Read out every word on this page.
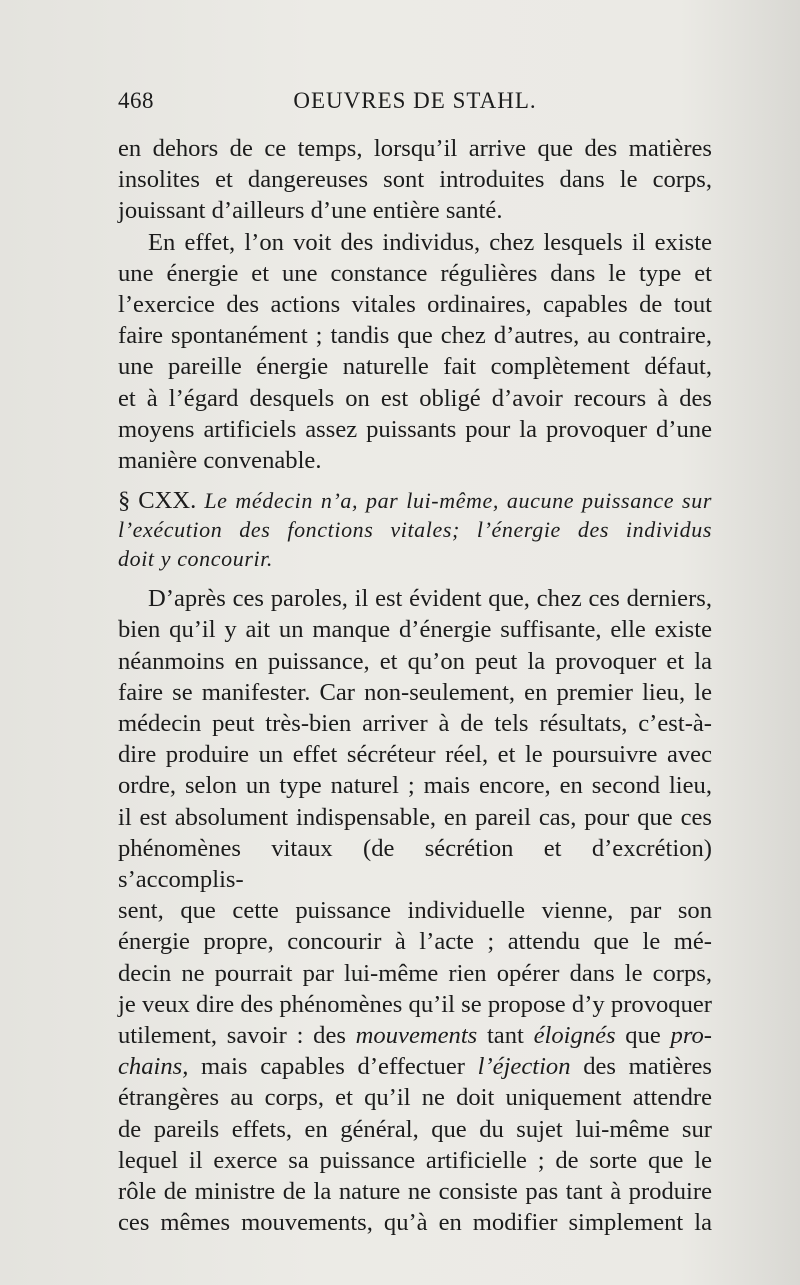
468	OEUVRES DE STAHL.

en dehors de ce temps, lorsqu’il arrive que des matières

insolites et dangereuses sont introduites dans le corps,

jouissant d’ailleurs d’une entière santé.

En effet, l’on voit des individus, chez lesquels il existe

une énergie et une constance régulières dans le type et

l’exercice des actions vitales ordinaires, capables de tout

faire spontanément ; tandis que chez d’autres, au contraire,

une pareille énergie naturelle fait complètement défaut,

et à l’égard desquels on est obligé d’avoir recours à des

moyens artificiels assez puissants pour la provoquer d’une

manière convenable.

§ CXX. Le médecin n’a, par lui-même, aucune puissance sur

l’exécution des fonctions vitales; l’énergie des individus

doit y concourir.

D’après ces paroles, il est évident que, chez ces derniers,

bien qu’il y ait un manque d’énergie suffisante, elle existe

néanmoins en puissance, et qu’on peut la provoquer et la

faire se manifester. Car non-seulement, en premier lieu, le

médecin peut très-bien arriver à de tels résultats, c’est-à-

dire produire un effet sécréteur réel, et le poursuivre avec

ordre, selon un type naturel ; mais encore, en second lieu,

il est absolument indispensable, en pareil cas, pour que ces

phénomènes vitaux (de sécrétion et d’excrétion) s’accomplis-

sent, que cette puissance individuelle vienne, par son

énergie propre, concourir à l’acte ; attendu que le mé-

decin ne pourrait par lui-même rien opérer dans le corps,

je veux dire des phénomènes qu’il se propose d’y provoquer

utilement, savoir : des mouvements tant éloignés que pro-

chains, mais capables d’effectuer l’éjection des matières

étrangères au corps, et qu’il ne doit uniquement attendre

de pareils effets, en général, que du sujet lui-même sur

lequel il exerce sa puissance artificielle ; de sorte que le

rôle de ministre de la nature ne consiste pas tant à produire

ces mêmes mouvements, qu’à en modifier simplement la
